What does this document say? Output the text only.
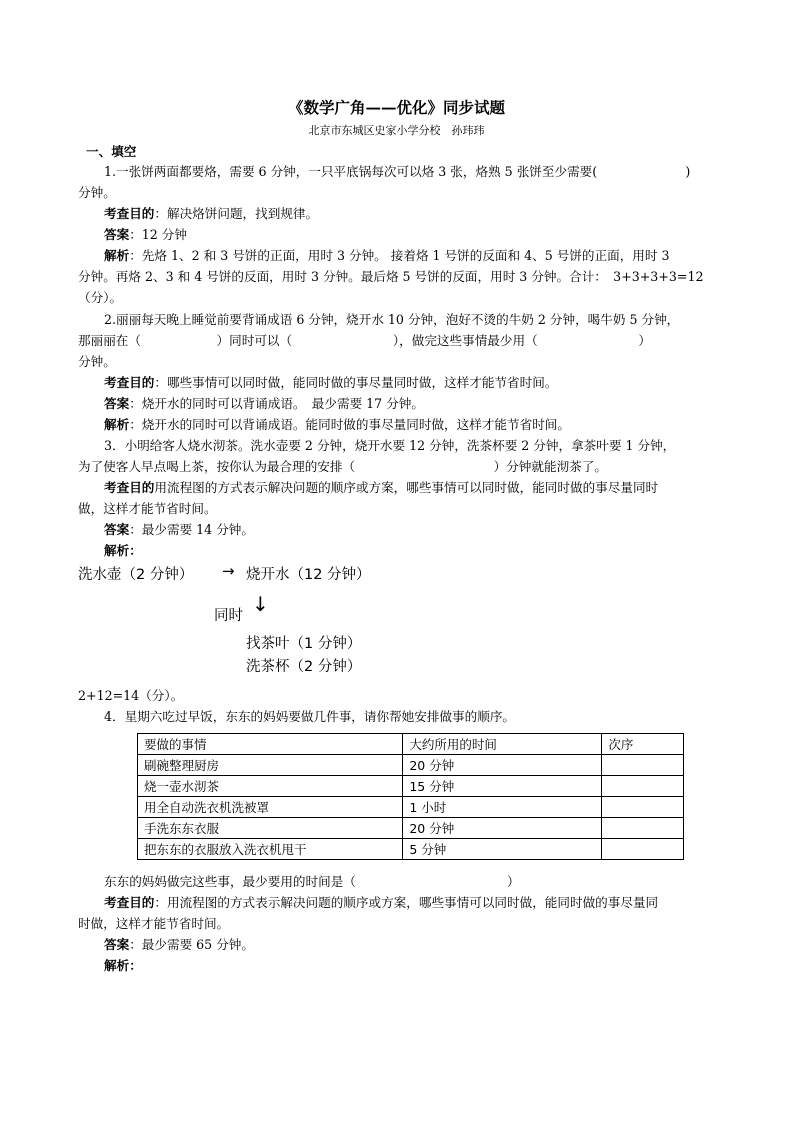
《数学广角——优化》同步试题
北京市东城区史家小学分校　孙玮玮
一、填空
1.一张饼两面都要烙，需要 6 分钟，一只平底锅每次可以烙 3 张，烙熟 5 张饼至少需要(　　　　　　　)
分钟。
考查目的：解决烙饼问题，找到规律。
答案：12 分钟
解析：先烙 1、2 和 3 号饼的正面，用时 3 分钟。 接着烙 1 号饼的反面和 4、5 号饼的正面，用时 3
分钟。再烙 2、3 和 4 号饼的反面，用时 3 分钟。最后烙 5 号饼的反面，用时 3 分钟。合计：　3+3+3+3=12
（分）。
2.丽丽每天晚上睡觉前要背诵成语 6 分钟，烧开水 10 分钟，泡好不烫的牛奶 2 分钟，喝牛奶 5 分钟，
那丽丽在（　　　　　　）同时可以（　　　　　　　　），做完这些事情最少用（　　　　　　　　）
分钟。
考查目的：哪些事情可以同时做，能同时做的事尽量同时做，这样才能节省时间。
答案：烧开水的同时可以背诵成语。　最少需要 17 分钟。
解析：烧开水的同时可以背诵成语。能同时做的事尽量同时做，这样才能节省时间。
3．小明给客人烧水沏茶。洗水壶要 2 分钟，烧开水要 12 分钟，洗茶杯要 2 分钟，拿茶叶要 1 分钟，
为了使客人早点喝上茶，按你认为最合理的安排（　　　　　　　　　　　）分钟就能沏茶了。
考查目的用流程图的方式表示解决问题的顺序或方案，哪些事情可以同时做，能同时做的事尽量同时
做，这样才能节省时间。
答案：最少需要 14 分钟。
解析：
洗水壶（2 分钟） → 烧开水（12 分钟）
↓
同时
找茶叶（1 分钟）
洗茶杯（2 分钟）
2+12=14（分）。
4．星期六吃过早饭，东东的妈妈要做几件事，请你帮她安排做事的顺序。
要做的事情	大约所用的时间	次序
刷碗整理厨房	20 分钟	
烧一壶水沏茶	15 分钟	
用全自动洗衣机洗被罩	1 小时	
手洗东东衣服	20 分钟	
把东东的衣服放入洗衣机甩干	5 分钟	
东东的妈妈做完这些事，最少要用的时间是（　　　　　　　　　　　　）
考查目的：用流程图的方式表示解决问题的顺序或方案，哪些事情可以同时做，能同时做的事尽量同
时做，这样才能节省时间。
答案：最少需要 65 分钟。
解析：
